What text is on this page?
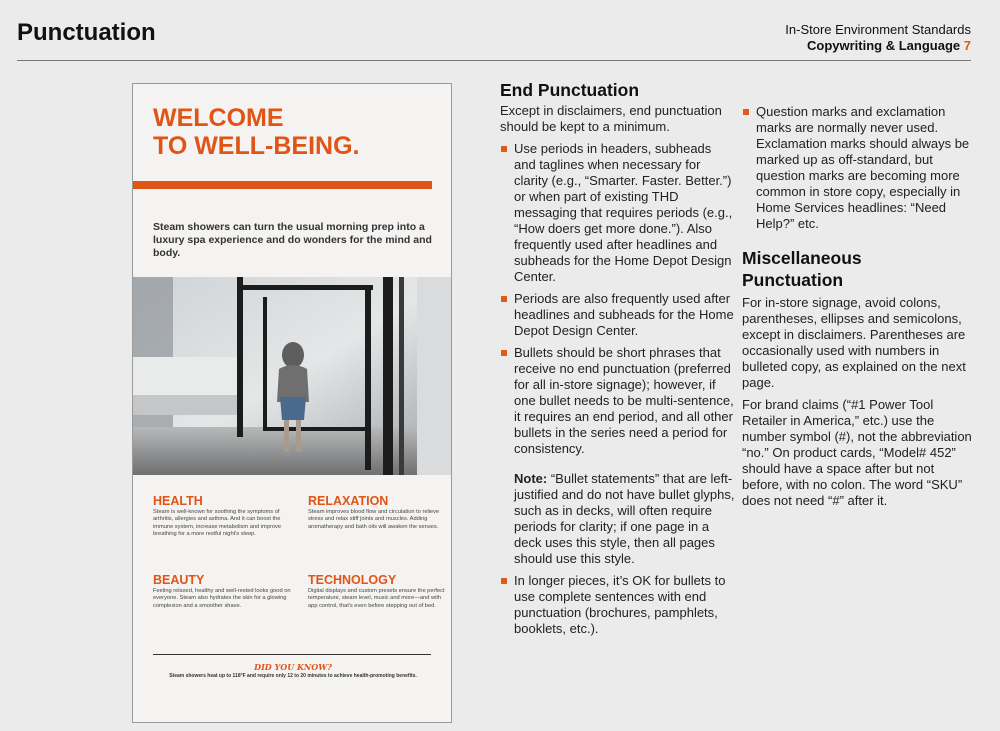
Punctuation	In-Store Environment Standards
Copywriting & Language 7
WELCOME
TO WELL-BEING.
Steam showers can turn the usual morning prep into a luxury spa experience and do wonders for the mind and body.
HEALTH
Steam is well-known for soothing the symptoms of arthritis, allergies and asthma. And it can boost the immune system, increase metabolism and improve breathing for a more restful night's sleep.
RELAXATION
Steam improves blood flow and circulation to relieve stress and relax stiff joints and muscles. Adding aromatherapy and bath oils will awaken the senses.
BEAUTY
Feeling relaxed, healthy and well-rested looks good on everyone. Steam also hydrates the skin for a glowing complexion and a smoother shave.
TECHNOLOGY
Digital displays and custom presets ensure the perfect temperature, steam level, music and more—and with app control, that's even before stepping out of bed.
DID YOU KNOW?
Steam showers heat up to 118°F and require only 12 to 20 minutes to achieve health-promoting benefits.
End Punctuation

Except in disclaimers, end punctuation should be kept to a minimum.

Use periods in headers, subheads and taglines when necessary for clarity (e.g., “Smarter. Faster. Better.”) or when part of existing THD messaging that requires periods (e.g., “How doers get more done.”). Also frequently used after headlines and subheads for the Home Depot Design Center.
Periods are also frequently used after headlines and subheads for the Home Depot Design Center.
Bullets should be short phrases that receive no end punctuation (preferred for all in-store signage); however, if one bullet needs to be multi-sentence, it requires an end period, and all other bullets in the series need a period for consistency.

Note: “Bullet statements” that are left-justified and do not have bullet glyphs, such as in decks, will often require periods for clarity; if one page in a deck uses this style, then all pages should use this style.

In longer pieces, it’s OK for bullets to use complete sentences with end punctuation (brochures, pamphlets, booklets, etc.).
Question marks and exclamation marks are normally never used. Exclamation marks should always be marked up as off-standard, but question marks are becoming more common in store copy, especially in Home Services headlines: “Need Help?” etc.
Miscellaneous
Punctuation

For in-store signage, avoid colons, parentheses, ellipses and semicolons, except in disclaimers. Parentheses are occasionally used with numbers in bulleted copy, as explained on the next page.

For brand claims (“#1 Power Tool Retailer in America,” etc.) use the number symbol (#), not the abbreviation “no.” On product cards, “Model# 452” should have a space after but not before, with no colon. The word “SKU” does not need “#” after it.
